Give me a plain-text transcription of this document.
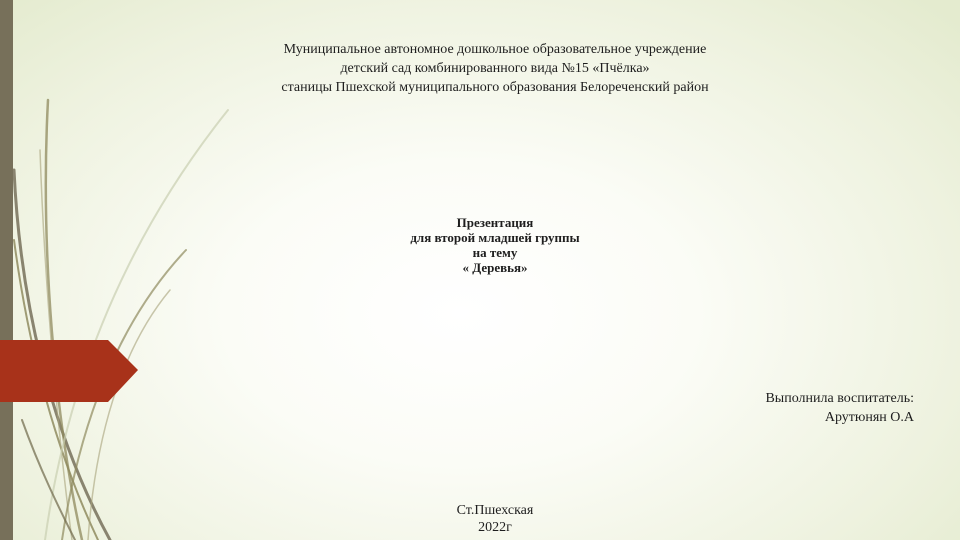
Муниципальное автономное дошкольное образовательное учреждение
детский сад комбинированного вида №15 «Пчёлка»
станицы Пшехской муниципального образования Белореченский район
Презентация
для второй младшей группы
на тему
« Деревья»
Выполнила воспитатель:
Арутюнян О.А
Ст.Пшехская
2022г
